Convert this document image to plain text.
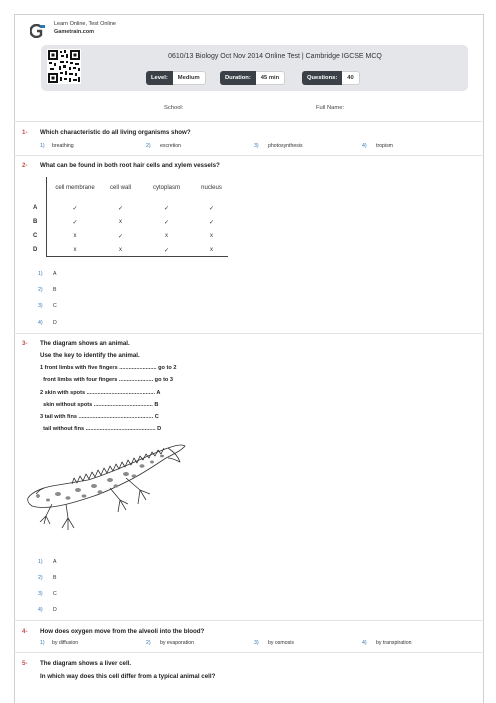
Learn Online, Test Online
Gametrain.com
0610/13 Biology Oct Nov 2014 Online Test | Cambridge IGCSE MCQ
Level:	Medium	Duration:	45 min	Questions:	40
School:	Full Name:
1- Which characteristic do all living organisms show?
1) breathing	2) excretion	3) photosynthesis	4) tropism
2- What can be found in both root hair cells and xylem vessels?
	cell membrane	cell wall	cytoplasm	nucleus
A	✓	✓	✓	✓
B	✓	x	✓	✓
C	x	✓	x	x
D	x	x	✓	x
1) A
2) B
3) C
4) D
3- The diagram shows an animal.
Use the key to identify the animal.
1 front limbs with five fingers ........................ go to 2
front limbs with four fingers ...................... go to 3
2 skin with spots ............................................ A
skin without spots ...................................... B
3 tail with fins ................................................ C
tail without fins ............................................. D
1) A
2) B
3) C
4) D
4- How does oxygen move from the alveoli into the blood?
1) by diffusion	2) by evaporation	3) by osmosis	4) by transpiration
5- The diagram shows a liver cell.
In which way does this cell differ from a typical animal cell?
